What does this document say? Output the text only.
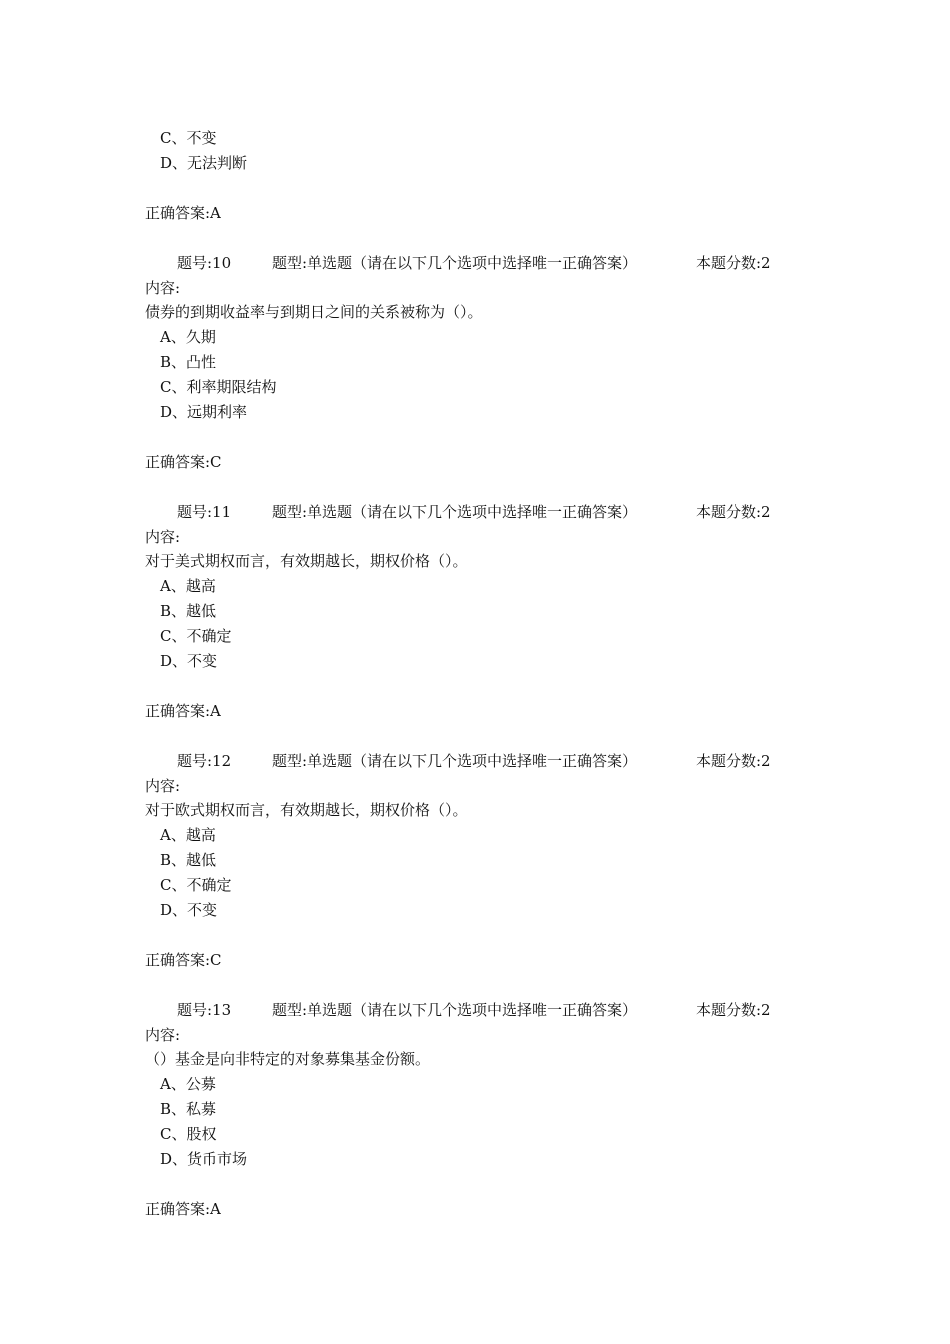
C、不变
D、无法判断
正确答案:A
题号:10	题型:单选题（请在以下几个选项中选择唯一正确答案）	本题分数:2
内容:
债券的到期收益率与到期日之间的关系被称为（）。
A、久期
B、凸性
C、利率期限结构
D、远期利率
正确答案:C
题号:11	题型:单选题（请在以下几个选项中选择唯一正确答案）	本题分数:2
内容:
对于美式期权而言，有效期越长，期权价格（）。
A、越高
B、越低
C、不确定
D、不变
正确答案:A
题号:12	题型:单选题（请在以下几个选项中选择唯一正确答案）	本题分数:2
内容:
对于欧式期权而言，有效期越长，期权价格（）。
A、越高
B、越低
C、不确定
D、不变
正确答案:C
题号:13	题型:单选题（请在以下几个选项中选择唯一正确答案）	本题分数:2
内容:
（）基金是向非特定的对象募集基金份额。
A、公募
B、私募
C、股权
D、货币市场
正确答案:A
